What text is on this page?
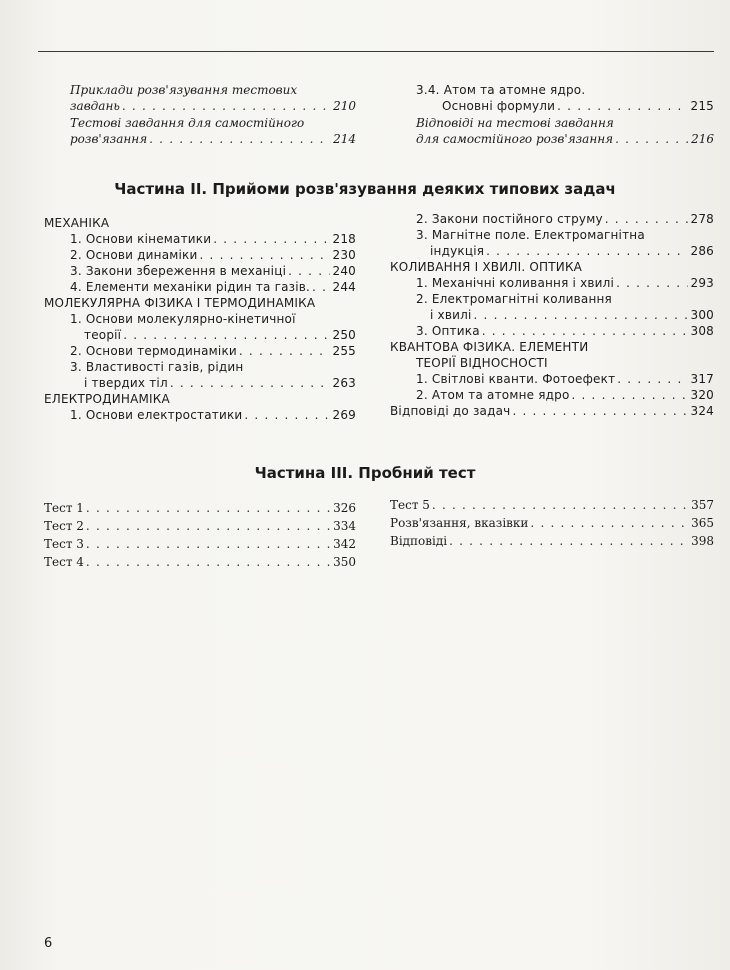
Приклади розв'язування тестових
завдань . . .	210
Тестові завдання для самостійного
розв'язання . . .	214
3.4. Атом та атомне ядро.
Основні формули . . .	215
Відповіді на тестові завдання
для самостійного розв'язання . . .	216
Частина ІІ. Прийоми розв'язування деяких типових задач
МЕХАНІКА
1. Основи кінематики . . .	218
2. Основи динаміки . . .	230
3. Закони збереження в механіці . . .	240
4. Елементи механіки рідин та газів. . . . 244
МОЛЕКУЛЯРНА ФІЗИКА І ТЕРМОДИНАМІКА
1. Основи молекулярно-кінетичної
теорії . . .	250
2. Основи термодинаміки . . .	255
3. Властивості газів, рідин
і твердих тіл . . .	263
ЕЛЕКТРОДИНАМІКА
1. Основи електростатики . . .	269
2. Закони постійного струму . . .	278
3. Магнітне поле. Електромагнітна
індукція . . .	286
КОЛИВАННЯ І ХВИЛІ. ОПТИКА
1. Механічні коливання і хвилі . . .	293
2. Електромагнітні коливання
і хвилі . . .	300
3. Оптика . . .	308
КВАНТОВА ФІЗИКА. ЕЛЕМЕНТИ
ТЕОРІЇ ВІДНОСНОСТІ
1. Світлові кванти. Фотоефект . . .	317
2. Атом та атомне ядро . . .	320
Відповіді до задач . . .	324
Частина ІІІ. Пробний тест
Тест 1 . . .	326
Тест 2 . . .	334
Тест 3 . . .	342
Тест 4 . . .	350
Тест 5 . . .	357
Розв'язання, вказівки . . .	365
Відповіді . . .	398
6
